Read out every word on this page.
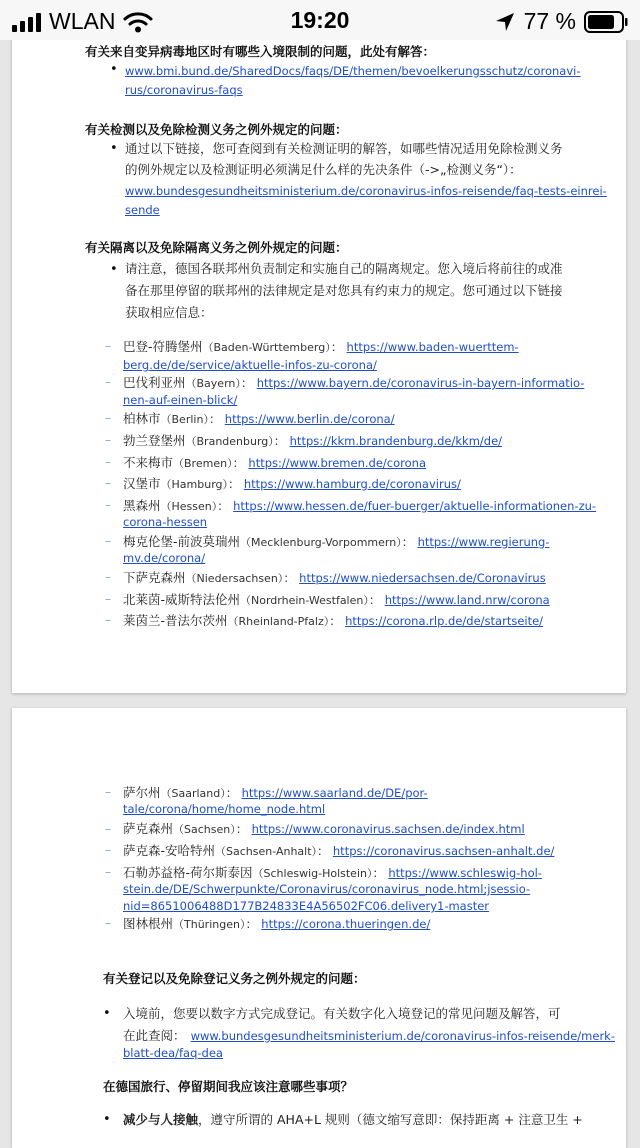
WLAN	19:20	77 %
有关来自变异病毒地区时有哪些入境限制的问题，此处有解答：
• www.bmi.bund.de/SharedDocs/faqs/DE/themen/bevoelkerungsschutz/coronavi-
rus/coronavirus-faqs
有关检测以及免除检测义务之例外规定的问题：
• 通过以下链接，您可查阅到有关检测证明的解答，如哪些情况适用免除检测义务
的例外规定以及检测证明必须满足什么样的先决条件（->„检测义务“）：
www.bundesgesundheitsministerium.de/coronavirus-infos-reisende/faq-tests-einrei-
sende
有关隔离以及免除隔离义务之例外规定的问题：
• 请注意，德国各联邦州负责制定和实施自己的隔离规定。您入境后将前往的或准
备在那里停留的联邦州的法律规定是对您具有约束力的规定。您可通过以下链接
获取相应信息：
– 巴登-符腾堡州（Baden-Württemberg）： https://www.baden-wuerttem-
berg.de/de/service/aktuelle-infos-zu-corona/
– 巴伐利亚州（Bayern）： https://www.bayern.de/coronavirus-in-bayern-informatio-
nen-auf-einen-blick/
– 柏林市（Berlin）： https://www.berlin.de/corona/
– 勃兰登堡州（Brandenburg）： https://kkm.brandenburg.de/kkm/de/
– 不来梅市（Bremen）： https://www.bremen.de/corona
– 汉堡市（Hamburg）： https://www.hamburg.de/coronavirus/
– 黑森州（Hessen）： https://www.hessen.de/fuer-buerger/aktuelle-informationen-zu-
corona-hessen
– 梅克伦堡-前波莫瑞州（Mecklenburg-Vorpommern）： https://www.regierung-
mv.de/corona/
– 下萨克森州（Niedersachsen）： https://www.niedersachsen.de/Coronavirus
– 北莱茵-威斯特法伦州（Nordrhein-Westfalen）： https://www.land.nrw/corona
– 莱茵兰-普法尔茨州（Rheinland-Pfalz）： https://corona.rlp.de/de/startseite/
– 萨尔州（Saarland）： https://www.saarland.de/DE/por-
tale/corona/home/home_node.html
– 萨克森州（Sachsen）： https://www.coronavirus.sachsen.de/index.html
– 萨克森-安哈特州（Sachsen-Anhalt）： https://coronavirus.sachsen-anhalt.de/
– 石勒苏益格-荷尔斯泰因（Schleswig-Holstein）： https://www.schleswig-hol-
stein.de/DE/Schwerpunkte/Coronavirus/coronavirus_node.html;jsessio-
nid=8651006488D177B24833E4A56502FC06.delivery1-master
– 图林根州（Thüringen）： https://corona.thueringen.de/
有关登记以及免除登记义务之例外规定的问题：
• 入境前，您要以数字方式完成登记。有关数字化入境登记的常见问题及解答，可
在此查阅： www.bundesgesundheitsministerium.de/coronavirus-infos-reisende/merk-
blatt-dea/faq-dea
在德国旅行、停留期间我应该注意哪些事项？
• 减少与人接触，遵守所谓的 AHA+L 规则（德文缩写意即：保持距离 + 注意卫生 +
